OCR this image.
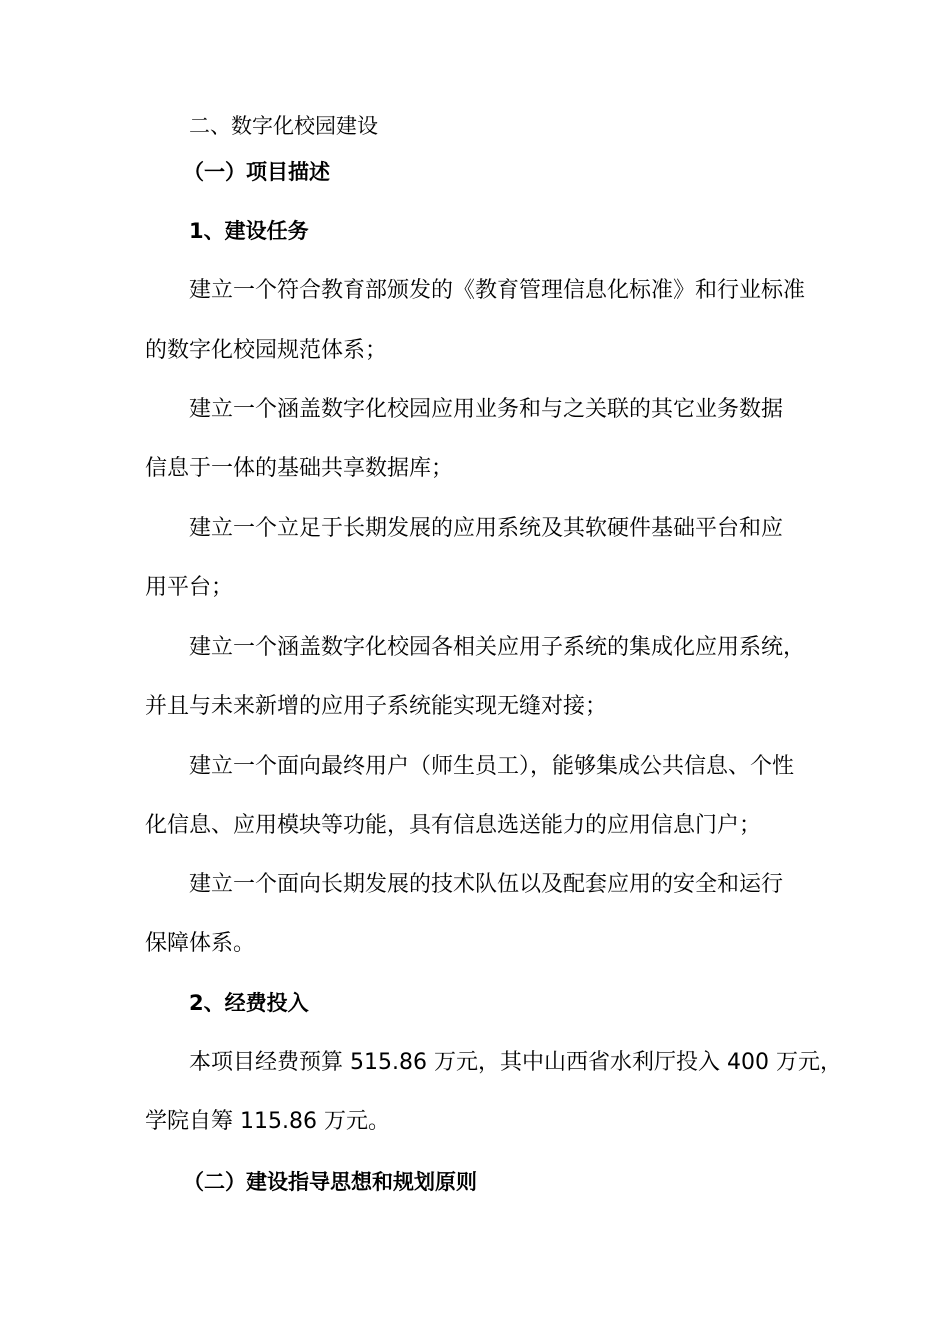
二、数字化校园建设
（一）项目描述
1、建设任务
建立一个符合教育部颁发的《教育管理信息化标准》和行业标准
的数字化校园规范体系；
建立一个涵盖数字化校园应用业务和与之关联的其它业务数据
信息于一体的基础共享数据库；
建立一个立足于长期发展的应用系统及其软硬件基础平台和应
用平台；
建立一个涵盖数字化校园各相关应用子系统的集成化应用系统，
并且与未来新增的应用子系统能实现无缝对接；
建立一个面向最终用户（师生员工），能够集成公共信息、个性
化信息、应用模块等功能，具有信息选送能力的应用信息门户；
建立一个面向长期发展的技术队伍以及配套应用的安全和运行
保障体系。
2、经费投入
本项目经费预算 515.86 万元，其中山西省水利厅投入 400 万元，
学院自筹 115.86 万元。
（二）建设指导思想和规划原则
